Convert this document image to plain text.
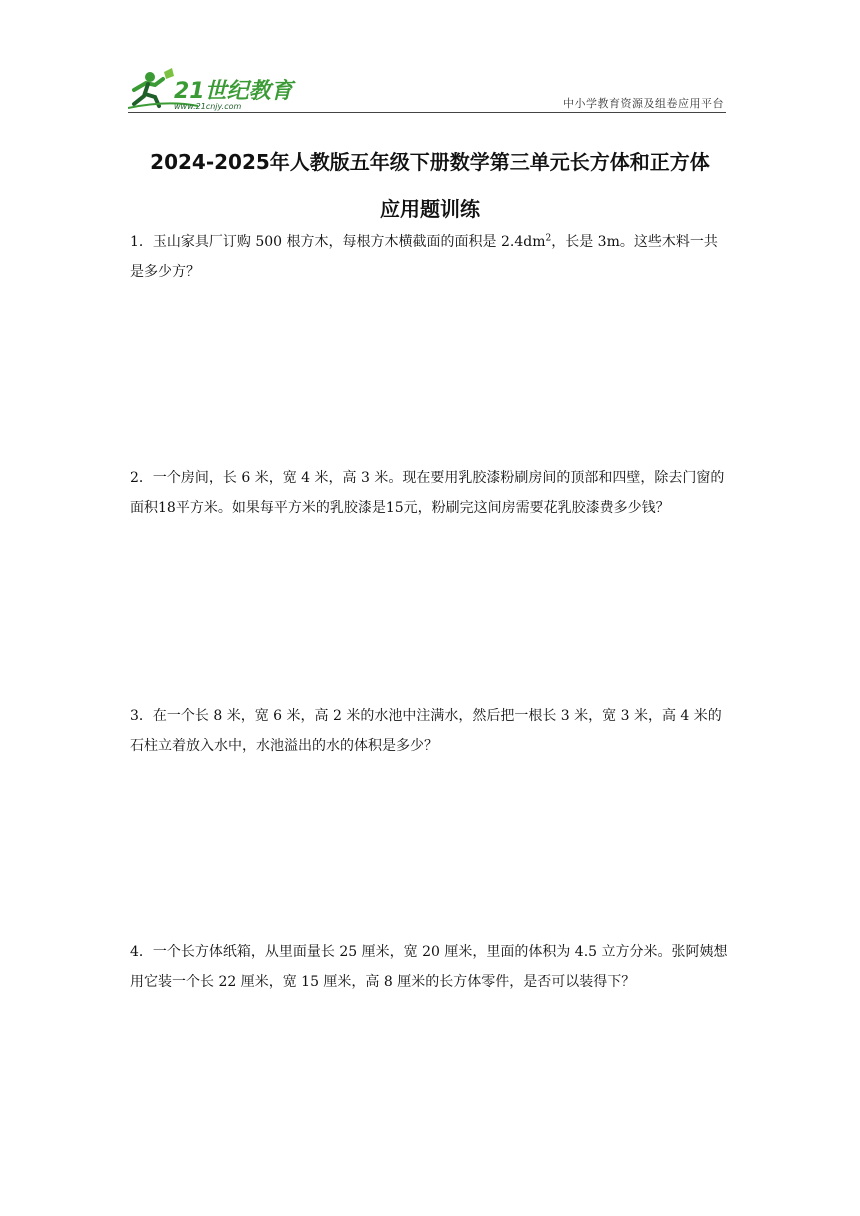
21世纪教育
www.21cnjy.com	中小学教育资源及组卷应用平台
2024-2025年人教版五年级下册数学第三单元长方体和正方体
应用题训练
1．玉山家具厂订购 500 根方木，每根方木横截面的面积是 $2.4dm^2$，长是 3m。这些木料一共是多少方？
2．一个房间，长 6 米，宽 4 米，高 3 米。现在要用乳胶漆粉刷房间的顶部和四壁，除去门窗的面积18平方米。如果每平方米的乳胶漆是15元，粉刷完这间房需要花乳胶漆费多少钱？
3．在一个长 8 米，宽 6 米，高 2 米的水池中注满水，然后把一根长 3 米，宽 3 米，高 4 米的石柱立着放入水中，水池溢出的水的体积是多少？
4．一个长方体纸箱，从里面量长 25 厘米，宽 20 厘米，里面的体积为 4.5 立方分米。张阿姨想用它装一个长 22 厘米，宽 15 厘米，高 8 厘米的长方体零件，是否可以装得下？
